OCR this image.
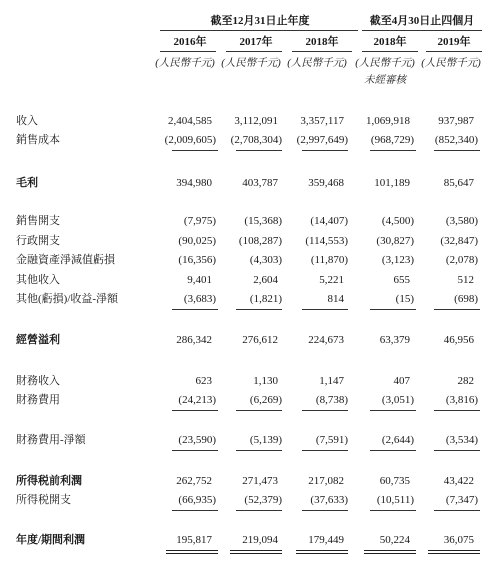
截至12月31日止年度	截至4月30日止四個月
2016年	2017年	2018年	2018年	2019年
(人民幣千元) (人民幣千元) (人民幣千元) (人民幣千元) (人民幣千元)
未經審核
收入	2,404,585	3,112,091	3,357,117	1,069,918	937,987
銷售成本	(2,009,605)	(2,708,304)	(2,997,649)	(968,729)	(852,340)
毛利	394,980	403,787	359,468	101,189	85,647
銷售開支	(7,975)	(15,368)	(14,407)	(4,500)	(3,580)
行政開支	(90,025)	(108,287)	(114,553)	(30,827)	(32,847)
金融資產淨減值虧損	(16,356)	(4,303)	(11,870)	(3,123)	(2,078)
其他收入	9,401	2,604	5,221	655	512
其他(虧損)/收益-淨額	(3,683)	(1,821)	814	(15)	(698)
經營溢利	286,342	276,612	224,673	63,379	46,956
財務收入	623	1,130	1,147	407	282
財務費用	(24,213)	(6,269)	(8,738)	(3,051)	(3,816)
財務費用-淨額	(23,590)	(5,139)	(7,591)	(2,644)	(3,534)
所得税前利潤	262,752	271,473	217,082	60,735	43,422
所得税開支	(66,935)	(52,379)	(37,633)	(10,511)	(7,347)
年度/期間利潤	195,817	219,094	179,449	50,224	36,075
